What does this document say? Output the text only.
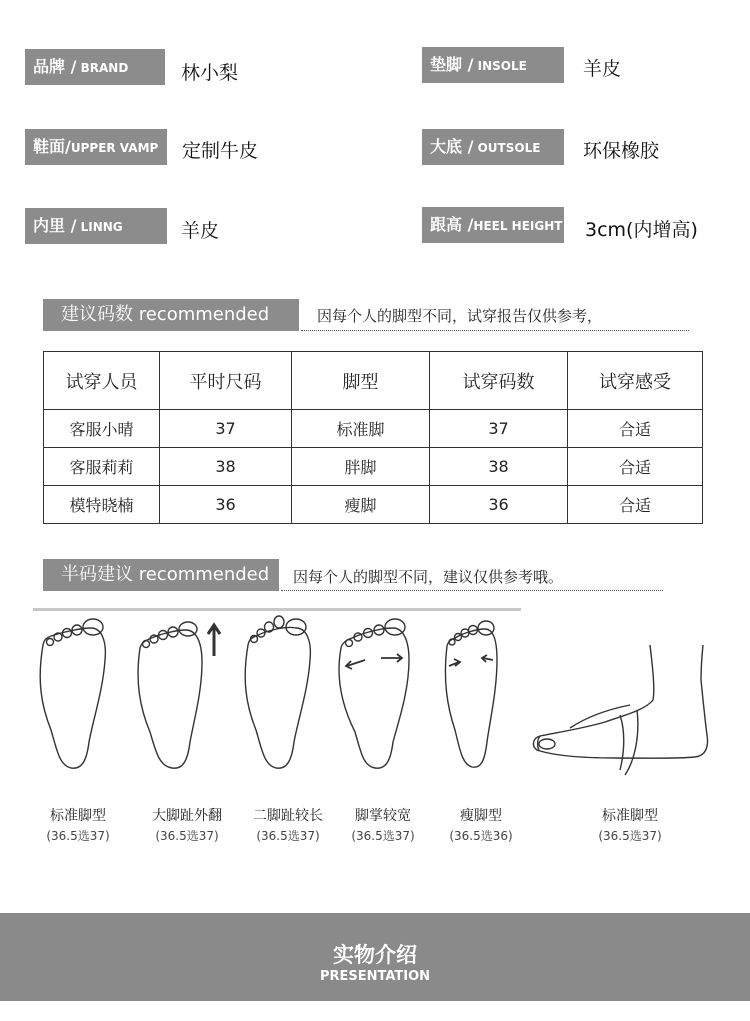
品牌 / BRAND	林小梨	垫脚 / INSOLE	羊皮
鞋面/UPPER VAMP	定制牛皮	大底 / OUTSOLE	环保橡胶
内里 / LINNG	羊皮	跟高 /HEEL HEIGHT 3cm(内增高)
建议码数 recommended	因每个人的脚型不同，试穿报告仅供参考，
试穿人员	平时尺码	脚型	试穿码数	试穿感受
客服小晴	37	标准脚	37	合适
客服莉莉	38	胖脚	38	合适
模特晓楠	36	瘦脚	36	合适
半码建议 recommended	因每个人的脚型不同，建议仅供参考哦。
标准脚型
(36.5选37)
大脚趾外翻
(36.5选37)
二脚趾较长
(36.5选37)
脚掌较宽
(36.5选37)
瘦脚型
(36.5选36)
标准脚型
(36.5选37)
实物介绍
PRESENTATION
